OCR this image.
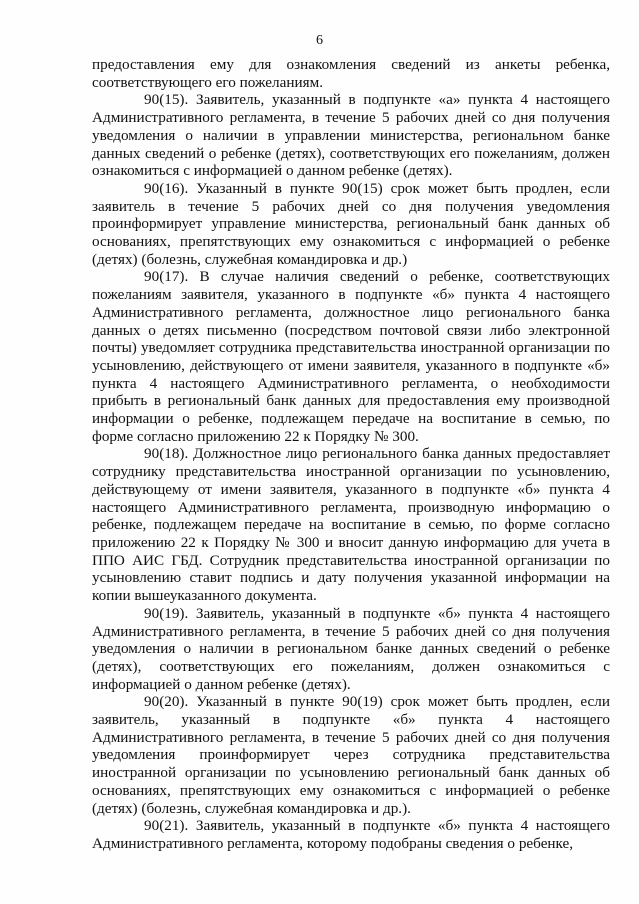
6

предоставления ему для ознакомления сведений из анкеты ребенка, соответствующего его пожеланиям.

90(15). Заявитель, указанный в подпункте «а» пункта 4 настоящего Административного регламента, в течение 5 рабочих дней со дня получения уведомления о наличии в управлении министерства, региональном банке данных сведений о ребенке (детях), соответствующих его пожеланиям, должен ознакомиться с информацией о данном ребенке (детях).

90(16). Указанный в пункте 90(15) срок может быть продлен, если заявитель в течение 5 рабочих дней со дня получения уведомления проинформирует управление министерства, региональный банк данных об основаниях, препятствующих ему ознакомиться с информацией о ребенке (детях) (болезнь, служебная командировка и др.)

90(17). В случае наличия сведений о ребенке, соответствующих пожеланиям заявителя, указанного в подпункте «б» пункта 4 настоящего Административного регламента, должностное лицо регионального банка данных о детях письменно (посредством почтовой связи либо электронной почты) уведомляет сотрудника представительства иностранной организации по усыновлению, действующего от имени заявителя, указанного в подпункте «б» пункта 4 настоящего Административного регламента, о необходимости прибыть в региональный банк данных для предоставления ему производной информации о ребенке, подлежащем передаче на воспитание в семью, по форме согласно приложению 22 к Порядку № 300.

90(18). Должностное лицо регионального банка данных предоставляет сотруднику представительства иностранной организации по усыновлению, действующему от имени заявителя, указанного в подпункте «б» пункта 4 настоящего Административного регламента, производную информацию о ребенке, подлежащем передаче на воспитание в семью, по форме согласно приложению 22 к Порядку № 300 и вносит данную информацию для учета в ППО АИС ГБД. Сотрудник представительства иностранной организации по усыновлению ставит подпись и дату получения указанной информации на копии вышеуказанного документа.

90(19). Заявитель, указанный в подпункте «б» пункта 4 настоящего Административного регламента, в течение 5 рабочих дней со дня получения уведомления о наличии в региональном банке данных сведений о ребенке (детях), соответствующих его пожеланиям, должен ознакомиться с информацией о данном ребенке (детях).

90(20). Указанный в пункте 90(19) срок может быть продлен, если заявитель, указанный в подпункте «б» пункта 4 настоящего Административного регламента, в течение 5 рабочих дней со дня получения уведомления проинформирует через сотрудника представительства иностранной организации по усыновлению региональный банк данных об основаниях, препятствующих ему ознакомиться с информацией о ребенке (детях) (болезнь, служебная командировка и др.).

90(21). Заявитель, указанный в подпункте «б» пункта 4 настоящего Административного регламента, которому подобраны сведения о ребенке,
